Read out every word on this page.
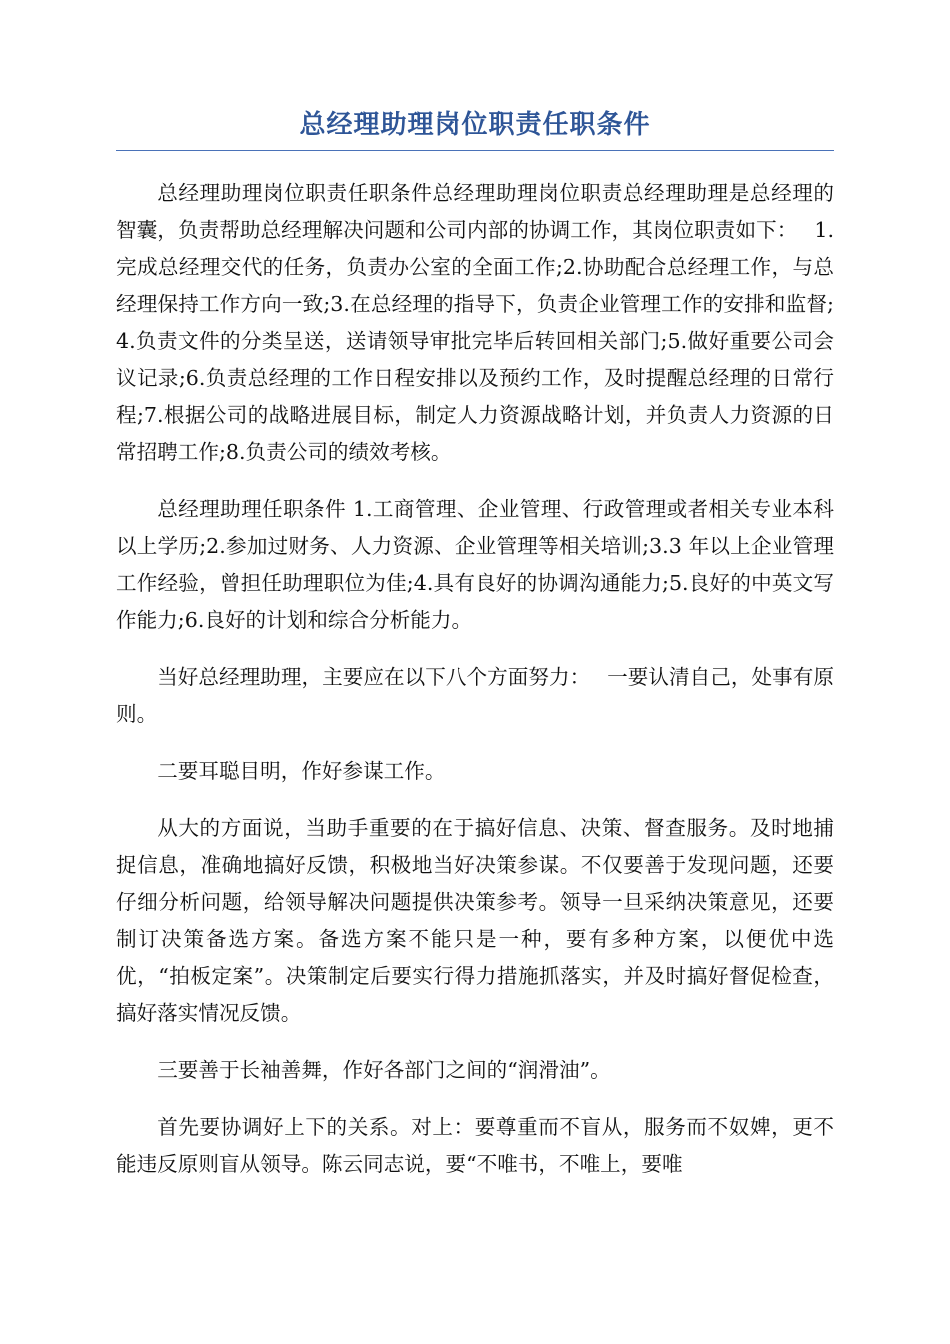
总经理助理岗位职责任职条件

总经理助理岗位职责任职条件总经理助理岗位职责总经理助理是总经理的智囊，负责帮助总经理解决问题和公司内部的协调工作，其岗位职责如下：　 1.完成总经理交代的任务，负责办公室的全面工作;2.协助配合总经理工作，与总经理保持工作方向一致;3.在总经理的指导下，负责企业管理工作的安排和监督;4.负责文件的分类呈送，送请领导审批完毕后转回相关部门;5.做好重要公司会议记录;6.负责总经理的工作日程安排以及预约工作，及时提醒总经理的日常行程;7.根据公司的战略进展目标，制定人力资源战略计划，并负责人力资源的日常招聘工作;8.负责公司的绩效考核。

总经理助理任职条件 1.工商管理、企业管理、行政管理或者相关专业本科以上学历;2.参加过财务、人力资源、企业管理等相关培训;3.3 年以上企业管理工作经验，曾担任助理职位为佳;4.具有良好的协调沟通能力;5.良好的中英文写作能力;6.良好的计划和综合分析能力。

当好总经理助理，主要应在以下八个方面努力：　 一要认清自己，处事有原则。

二要耳聪目明，作好参谋工作。

从大的方面说，当助手重要的在于搞好信息、决策、督查服务。及时地捕捉信息，准确地搞好反馈，积极地当好决策参谋。不仅要善于发现问题，还要仔细分析问题，给领导解决问题提供决策参考。领导一旦采纳决策意见，还要制订决策备选方案。备选方案不能只是一种，要有多种方案，以便优中选优，“拍板定案”。决策制定后要实行得力措施抓落实，并及时搞好督促检查，搞好落实情况反馈。

三要善于长袖善舞，作好各部门之间的“润滑油”。

首先要协调好上下的关系。对上：要尊重而不盲从，服务而不奴婢，更不能违反原则盲从领导。陈云同志说，要“不唯书，不唯上，要唯
